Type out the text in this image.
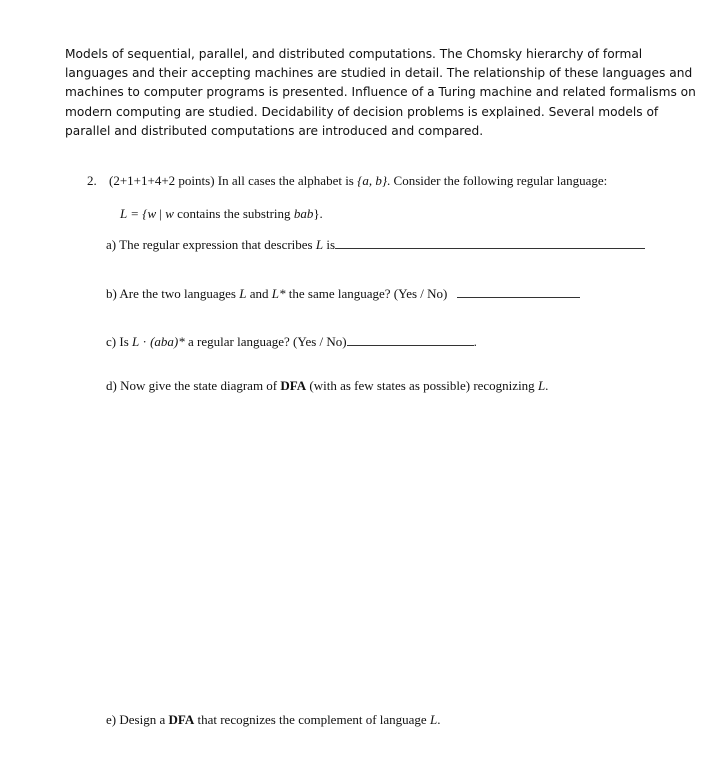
Models of sequential, parallel, and distributed computations. The Chomsky hierarchy of formal languages and their accepting machines are studied in detail. The relationship of these languages and machines to computer programs is presented. Influence of a Turing machine and related formalisms on modern computing are studied. Decidability of decision problems is explained. Several models of parallel and distributed computations are introduced and compared.
2. (2+1+1+4+2 points) In all cases the alphabet is {a, b}. Consider the following regular language:
L = {w | w contains the substring bab}.
a) The regular expression that describes L is
b) Are the two languages L and L* the same language? (Yes / No)
c) Is L · (aba)* a regular language? (Yes / No)	.
d) Now give the state diagram of DFA (with as few states as possible) recognizing L.
e) Design a DFA that recognizes the complement of language L.
